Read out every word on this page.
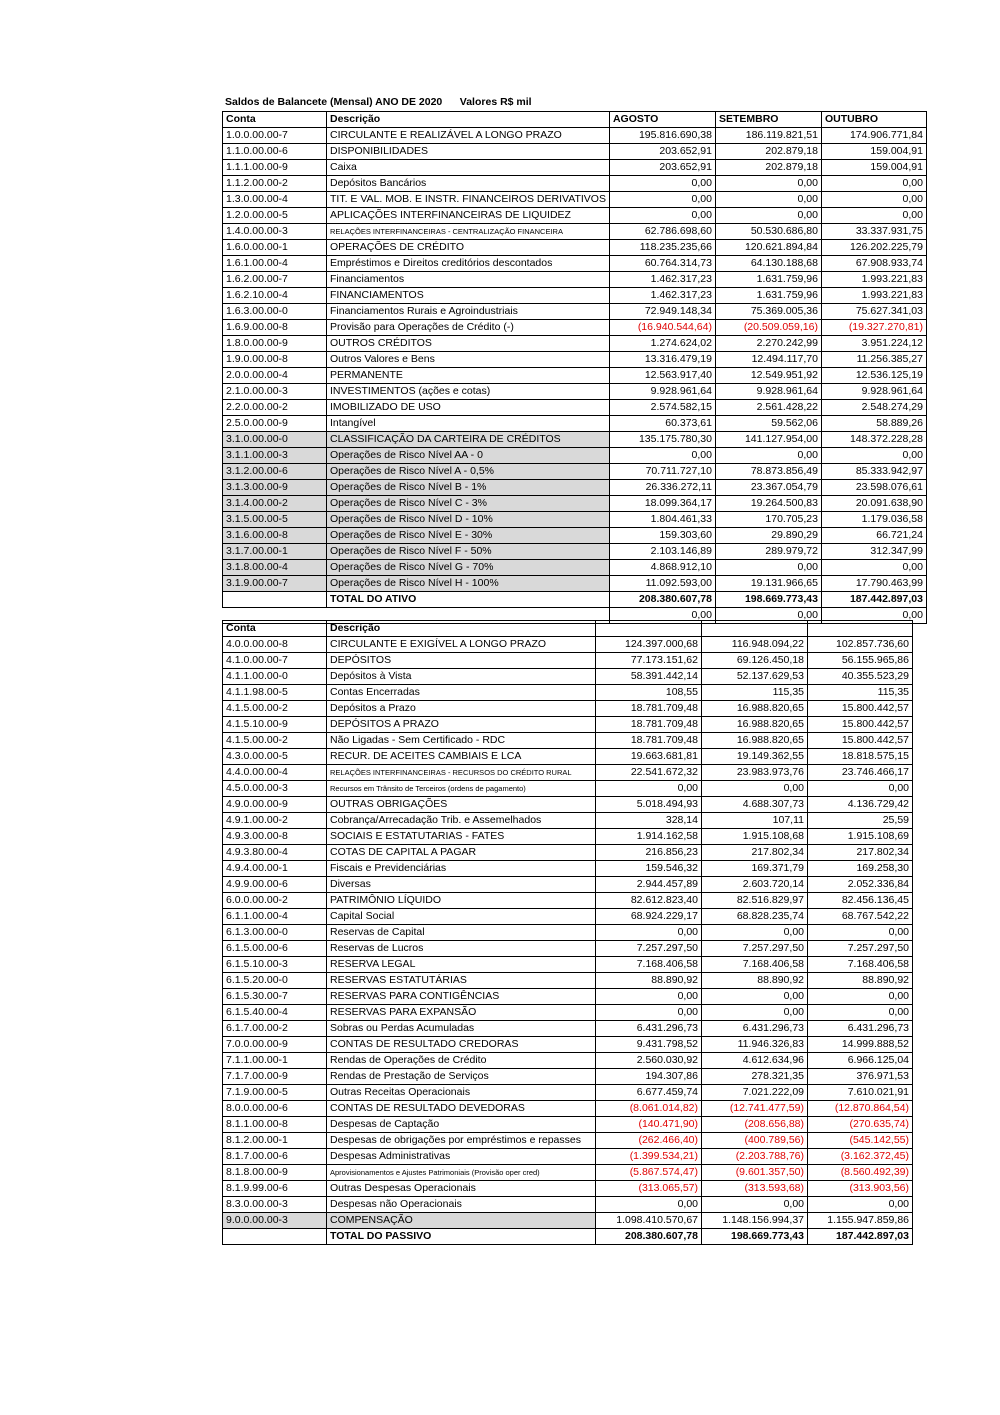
Saldos de Balancete (Mensal) ANO DE 2020 Valores R$ mil
Conta	Descrição	AGOSTO	SETEMBRO	OUTUBRO
1.0.0.00.00-7	CIRCULANTE E REALIZÁVEL A LONGO PRAZO	195.816.690,38	186.119.821,51	174.906.771,84
1.1.0.00.00-6	DISPONIBILIDADES	203.652,91	202.879,18	159.004,91
1.1.1.00.00-9	Caixa	203.652,91	202.879,18	159.004,91
1.1.2.00.00-2	Depósitos Bancários	0,00	0,00	0,00
1.3.0.00.00-4	TIT. E VAL. MOB. E INSTR. FINANCEIROS DERIVATIVOS	0,00	0,00	0,00
1.2.0.00.00-5	APLICAÇÕES INTERFINANCEIRAS DE LIQUIDEZ	0,00	0,00	0,00
1.4.0.00.00-3	RELAÇÕES INTERFINANCEIRAS - CENTRALIZAÇÃO FINANCEIRA	62.786.698,60	50.530.686,80	33.337.931,75
1.6.0.00.00-1	OPERAÇÕES DE CRÉDITO	118.235.235,66	120.621.894,84	126.202.225,79
1.6.1.00.00-4	Empréstimos e Direitos creditórios descontados	60.764.314,73	64.130.188,68	67.908.933,74
1.6.2.00.00-7	Financiamentos	1.462.317,23	1.631.759,96	1.993.221,83
1.6.2.10.00-4	FINANCIAMENTOS	1.462.317,23	1.631.759,96	1.993.221,83
1.6.3.00.00-0	Financiamentos Rurais e Agroindustriais	72.949.148,34	75.369.005,36	75.627.341,03
1.6.9.00.00-8	Provisão para Operações de Crédito (-)	(16.940.544,64)	(20.509.059,16)	(19.327.270,81)
1.8.0.00.00-9	OUTROS CRÉDITOS	1.274.624,02	2.270.242,99	3.951.224,12
1.9.0.00.00-8	Outros Valores e Bens	13.316.479,19	12.494.117,70	11.256.385,27
2.0.0.00.00-4	PERMANENTE	12.563.917,40	12.549.951,92	12.536.125,19
2.1.0.00.00-3	INVESTIMENTOS (ações e cotas)	9.928.961,64	9.928.961,64	9.928.961,64
2.2.0.00.00-2	IMOBILIZADO DE USO	2.574.582,15	2.561.428,22	2.548.274,29
2.5.0.00.00-9	Intangível	60.373,61	59.562,06	58.889,26
3.1.0.00.00-0	CLASSIFICAÇÃO DA CARTEIRA DE CRÉDITOS	135.175.780,30	141.127.954,00	148.372.228,28
3.1.1.00.00-3	Operações de Risco Nível AA - 0	0,00	0,00	0,00
3.1.2.00.00-6	Operações de Risco Nível A - 0,5%	70.711.727,10	78.873.856,49	85.333.942,97
3.1.3.00.00-9	Operações de Risco Nível B - 1%	26.336.272,11	23.367.054,79	23.598.076,61
3.1.4.00.00-2	Operações de Risco Nível C - 3%	18.099.364,17	19.264.500,83	20.091.638,90
3.1.5.00.00-5	Operações de Risco Nível D - 10%	1.804.461,33	170.705,23	1.179.036,58
3.1.6.00.00-8	Operações de Risco Nível E - 30%	159.303,60	29.890,29	66.721,24
3.1.7.00.00-1	Operações de Risco Nível F - 50%	2.103.146,89	289.979,72	312.347,99
3.1.8.00.00-4	Operações de Risco Nível G - 70%	4.868.912,10	0,00	0,00
3.1.9.00.00-7	Operações de Risco Nível H - 100%	11.092.593,00	19.131.966,65	17.790.463,99
	TOTAL DO ATIVO	208.380.607,78	198.669.773,43	187.442.897,03
		0,00	0,00	0,00
Conta	Descrição			
4.0.0.00.00-8	CIRCULANTE E EXIGÍVEL A LONGO PRAZO	124.397.000,68	116.948.094,22	102.857.736,60
4.1.0.00.00-7	DEPÓSITOS	77.173.151,62	69.126.450,18	56.155.965,86
4.1.1.00.00-0	Depósitos à Vista	58.391.442,14	52.137.629,53	40.355.523,29
4.1.1.98.00-5	Contas Encerradas	108,55	115,35	115,35
4.1.5.00.00-2	Depósitos a Prazo	18.781.709,48	16.988.820,65	15.800.442,57
4.1.5.10.00-9	DEPÓSITOS A PRAZO	18.781.709,48	16.988.820,65	15.800.442,57
4.1.5.00.00-2	Não Ligadas - Sem Certificado - RDC	18.781.709,48	16.988.820,65	15.800.442,57
4.3.0.00.00-5	RECUR. DE ACEITES CAMBIAIS E LCA	19.663.681,81	19.149.362,55	18.818.575,15
4.4.0.00.00-4	RELAÇÕES INTERFINANCEIRAS - RECURSOS DO CRÉDITO RURAL	22.541.672,32	23.983.973,76	23.746.466,17
4.5.0.00.00-3	Recursos em Trânsito de Terceiros (ordens de pagamento)	0,00	0,00	0,00
4.9.0.00.00-9	OUTRAS OBRIGAÇÕES	5.018.494,93	4.688.307,73	4.136.729,42
4.9.1.00.00-2	Cobrança/Arrecadação Trib. e Assemelhados	328,14	107,11	25,59
4.9.3.00.00-8	SOCIAIS E ESTATUTARIAS - FATES	1.914.162,58	1.915.108,68	1.915.108,69
4.9.3.80.00-4	COTAS DE CAPITAL A PAGAR	216.856,23	217.802,34	217.802,34
4.9.4.00.00-1	Fiscais e Previdenciárias	159.546,32	169.371,79	169.258,30
4.9.9.00.00-6	Diversas	2.944.457,89	2.603.720,14	2.052.336,84
6.0.0.00.00-2	PATRIMÔNIO LÍQUIDO	82.612.823,40	82.516.829,97	82.456.136,45
6.1.1.00.00-4	Capital Social	68.924.229,17	68.828.235,74	68.767.542,22
6.1.3.00.00-0	Reservas de Capital	0,00	0,00	0,00
6.1.5.00.00-6	Reservas de Lucros	7.257.297,50	7.257.297,50	7.257.297,50
6.1.5.10.00-3	RESERVA LEGAL	7.168.406,58	7.168.406,58	7.168.406,58
6.1.5.20.00-0	RESERVAS ESTATUTÁRIAS	88.890,92	88.890,92	88.890,92
6.1.5.30.00-7	RESERVAS PARA CONTIGÊNCIAS	0,00	0,00	0,00
6.1.5.40.00-4	RESERVAS PARA EXPANSÃO	0,00	0,00	0,00
6.1.7.00.00-2	Sobras ou Perdas Acumuladas	6.431.296,73	6.431.296,73	6.431.296,73
7.0.0.00.00-9	CONTAS DE RESULTADO CREDORAS	9.431.798,52	11.946.326,83	14.999.888,52
7.1.1.00.00-1	Rendas de Operações de Crédito	2.560.030,92	4.612.634,96	6.966.125,04
7.1.7.00.00-9	Rendas de Prestação de Serviços	194.307,86	278.321,35	376.971,53
7.1.9.00.00-5	Outras Receitas Operacionais	6.677.459,74	7.021.222,09	7.610.021,91
8.0.0.00.00-6	CONTAS DE RESULTADO DEVEDORAS	(8.061.014,82)	(12.741.477,59)	(12.870.864,54)
8.1.1.00.00-8	Despesas de Captação	(140.471,90)	(208.656,88)	(270.635,74)
8.1.2.00.00-1	Despesas de obrigações por empréstimos e repasses	(262.466,40)	(400.789,56)	(545.142,55)
8.1.7.00.00-6	Despesas Administrativas	(1.399.534,21)	(2.203.788,76)	(3.162.372,45)
8.1.8.00.00-9	Aprovisionamentos e Ajustes Patrimoniais (Provisão oper cred)	(5.867.574,47)	(9.601.357,50)	(8.560.492,39)
8.1.9.99.00-6	Outras Despesas Operacionais	(313.065,57)	(313.593,68)	(313.903,56)
8.3.0.00.00-3	Despesas não Operacionais	0,00	0,00	0,00
9.0.0.00.00-3	COMPENSAÇÃO	1.098.410.570,67	1.148.156.994,37	1.155.947.859,86
	TOTAL DO PASSIVO	208.380.607,78	198.669.773,43	187.442.897,03
